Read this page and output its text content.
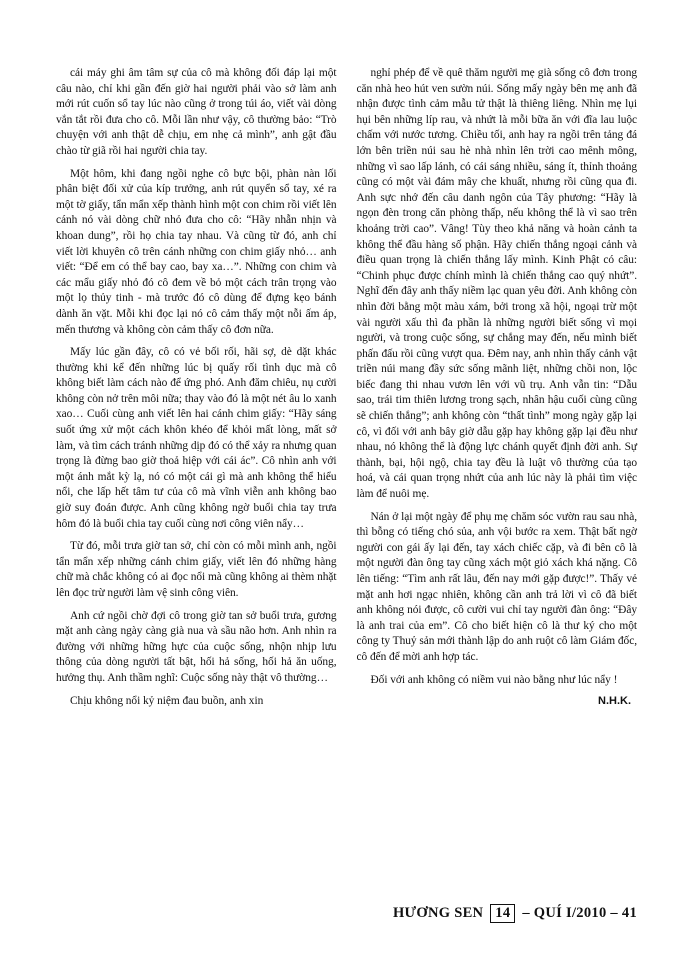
cái máy ghi âm tâm sự của cô mà không đối đáp lại một câu nào, chỉ khi gần đến giờ hai người phải vào sở làm anh mới rút cuốn sổ tay lúc nào cũng ở trong túi áo, viết vài dòng vắn tắt rồi đưa cho cô. Mỗi lần như vậy, cô thường bảo: “Trò chuyện với anh thật dễ chịu, em nhẹ cả mình”, anh gật đầu chào từ giã rồi hai người chia tay.

Một hôm, khi đang ngồi nghe cô bực bội, phàn nàn lối phân biệt đối xử của kíp trưởng, anh rút quyển sổ tay, xé ra một tờ giấy, tẩn mẩn xếp thành hình một con chim rồi viết lên cánh nó vài dòng chữ nhỏ đưa cho cô: “Hãy nhẫn nhịn và khoan dung”, rồi họ chia tay nhau. Và cũng từ đó, anh chỉ viết lời khuyên cô trên cánh những con chim giấy nhỏ… anh viết: “Để em có thể bay cao, bay xa…”. Những con chim và các mẩu giấy nhỏ đó cô đem về bỏ một cách trân trọng vào một lọ thủy tinh - mà trước đó cô dùng để đựng kẹo bánh dành ăn vặt. Mỗi khi đọc lại nó cô cảm thấy một nỗi ấm áp, mến thương và không còn cảm thấy cô đơn nữa.

Mấy lúc gần đây, cô có vẻ bối rối, hãi sợ, dè dặt khác thường khi kể đến những lúc bị quấy rối tình dục mà cô không biết làm cách nào để ứng phó. Anh đăm chiêu, nụ cười không còn nở trên môi nữa; thay vào đó là một nét âu lo xanh xao… Cuối cùng anh viết lên hai cánh chim giấy: “Hãy sáng suốt ứng xử một cách khôn khéo để khỏi mất lòng, mất sở làm, và tìm cách tránh những dịp đó có thể xảy ra nhưng quan trọng là đừng bao giờ thoả hiệp với cái ác”. Cô nhìn anh với một ánh mắt kỳ lạ, nó có một cái gì mà anh không thể hiểu nổi, che lấp hết tâm tư của cô mà vĩnh viễn anh không bao giờ suy đoán được. Anh cũng không ngờ buổi chia tay trưa hôm đó là buổi chia tay cuối cùng nơi công viên nẩy…

Từ đó, mỗi trưa giờ tan sở, chỉ còn có mỗi mình anh, ngồi tẩn mẩn xếp những cánh chim giấy, viết lên đó những hàng chữ mà chắc không có ai đọc nổi mà cũng không ai thèm nhặt lên đọc trừ người làm vệ sinh công viên.

Anh cứ ngồi chờ đợi cô trong giờ tan sở buổi trưa, gương mặt anh càng ngày càng già nua và sầu não hơn. Anh nhìn ra đường với những hững hực của cuộc sống, nhộn nhịp lưu thông của dòng người tất bật, hối hả sống, hối hả ăn uống, hưởng thụ. Anh thầm nghĩ: Cuộc sống này thật vô thường…

Chịu không nổi kỷ niệm đau buồn, anh xin

nghỉ phép để về quê thăm người mẹ già sống cô đơn trong căn nhà heo hút ven sườn núi. Sống mấy ngày bên mẹ anh đã nhận được tình cảm mẫu tử thật là thiêng liêng. Nhìn mẹ lụi hụi bên những líp rau, và nhứt là mỗi bữa ăn với đĩa lau luộc chấm với nước tương. Chiều tối, anh hay ra ngồi trên tảng đá lớn bên triền núi sau hè nhà nhìn lên trời cao mênh mông, những vì sao lấp lánh, có cái sáng nhiều, sáng ít, thỉnh thoảng cũng có một vài đám mây che khuất, nhưng rồi cũng qua đi. Anh sực nhớ đến câu danh ngôn của Tây phương: “Hãy là ngọn đèn trong căn phòng thấp, nếu không thể là vì sao trên khoảng trời cao”. Vâng! Tùy theo khả năng và hoàn cảnh ta không thể đầu hàng số phận. Hãy chiến thắng ngoại cảnh và điều quan trọng là chiến thắng lấy mình. Kinh Phật có câu: “Chinh phục được chính mình là chiến thắng cao quý nhứt”. Nghĩ đến đây anh thấy niềm lạc quan yêu đời. Anh không còn nhìn đời bằng một màu xám, bởi trong xã hội, ngoại trừ một vài người xấu thì đa phần là những người biết sống vì mọi người, và trong cuộc sống, sự chắng may đến, nếu mình biết phấn đấu rồi cũng vượt qua. Đêm nay, anh nhìn thấy cảnh vật triền núi mang đầy sức sống mãnh liệt, những chồi non, lộc biếc đang thi nhau vươn lên với vũ trụ. Anh vẫn tin: “Dẫu sao, trái tim thiên lương trong sạch, nhân hậu cuối cùng cũng sẽ chiến thắng”; anh không còn “thất tình” mong ngày gặp lại cô, vì đối với anh bây giờ dẫu gặp hay không gặp lại đều như nhau, nó không thể là động lực chánh quyết định đời anh. Sự thành, bại, hội ngộ, chia tay đều là luật vô thường của tạo hoá, và cái quan trọng nhứt của anh lúc này là phải tìm việc làm để nuôi mẹ.

Nán ở lại một ngày để phụ mẹ chăm sóc vườn rau sau nhà, thì bỗng có tiếng chó sủa, anh vội bước ra xem. Thật bất ngờ người con gái ấy lại đến, tay xách chiếc cặp, và đi bên cô là một người đàn ông tay cũng xách một giỏ xách khá nặng. Cô lên tiếng: “Tìm anh rất lâu, đến nay mới gặp được!”. Thấy vẻ mặt anh hơi ngạc nhiên, không cần anh trả lời vì cô đã biết anh không nói được, cô cười vui chỉ tay người đàn ông: “Đây là anh trai của em”. Cô cho biết hiện cô là thư ký cho một công ty Thuỷ sản mới thành lập do anh ruột cô làm Giám đốc, cô đến để mời anh hợp tác.

Đối với anh không có niềm vui nào bằng như lúc nẩy !

N.H.K.
HƯƠNG SEN 14 – QUÍ I/2010 – 41
